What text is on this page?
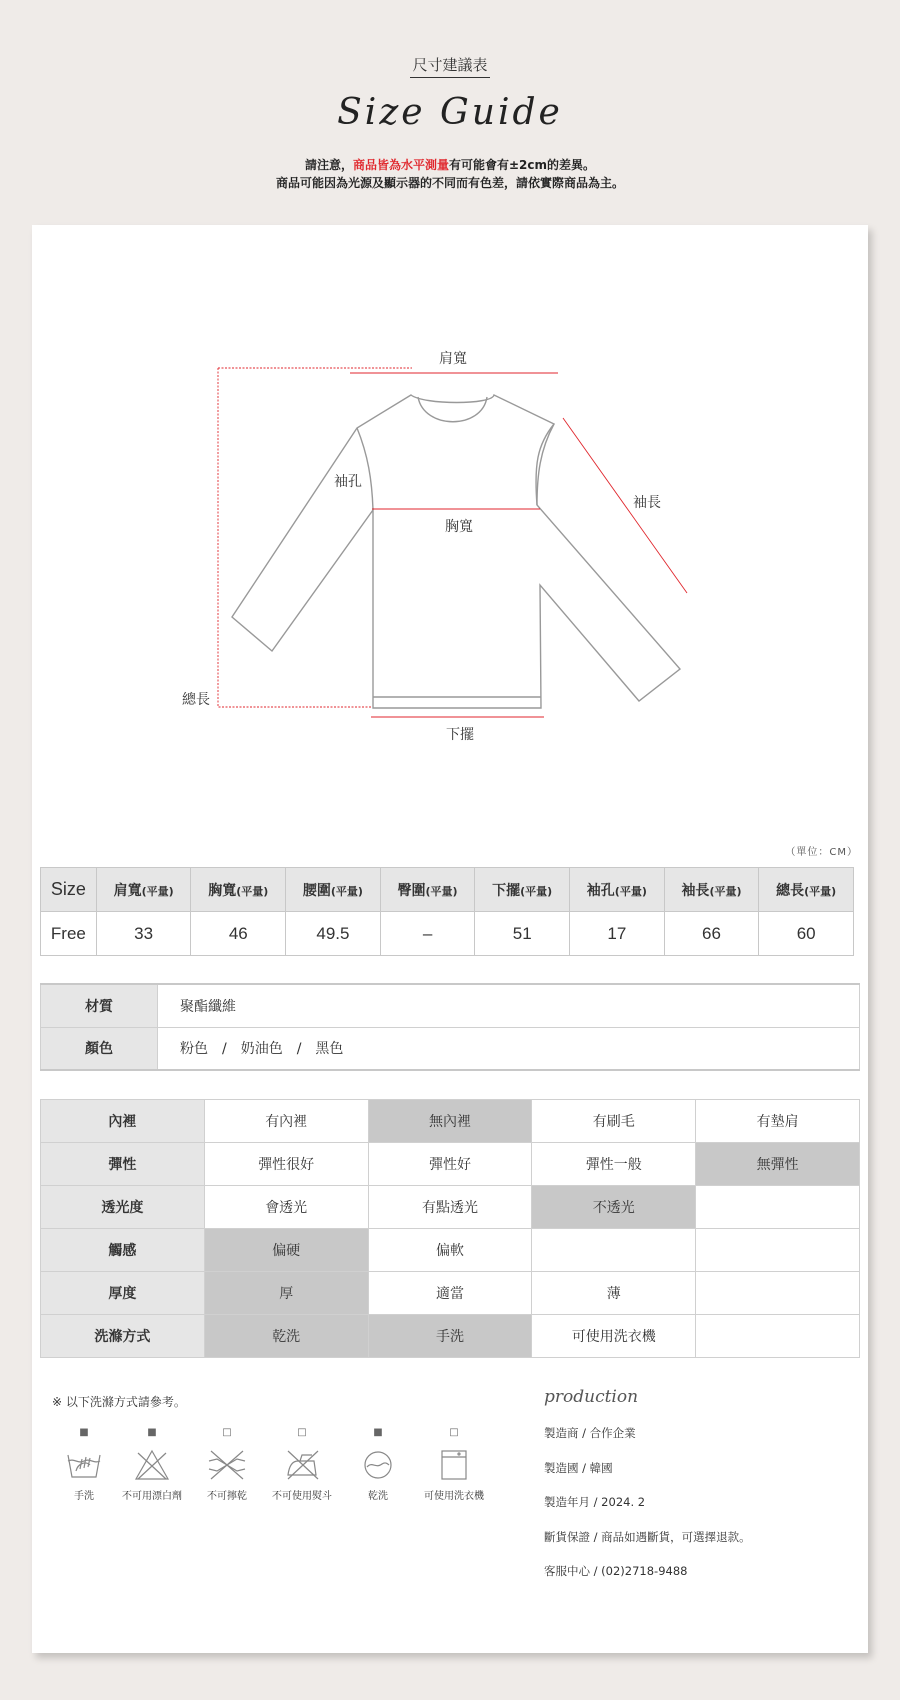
尺寸建議表
Size Guide
請注意，商品皆為水平測量有可能會有±2cm的差異。
商品可能因為光源及顯示器的不同而有色差，請依實際商品為主。
肩寬
袖孔
袖長
胸寬
總長
下擺
（單位：CM）
Size	肩寬(平量)	胸寬(平量)	腰圍(平量)	臀圍(平量)	下擺(平量)	袖孔(平量)	袖長(平量)	總長(平量)
Free	33	46	49.5	–	51	17	66	60
材質	聚酯纖維
顏色	粉色　/　奶油色　/　黑色
內裡	有內裡	無內裡	有刷毛	有墊肩
彈性	彈性很好	彈性好	彈性一般	無彈性
透光度	會透光	有點透光	不透光	
觸感	偏硬	偏軟		
厚度	厚	適當	薄	
洗滌方式	乾洗	手洗	可使用洗衣機	
※ 以下洗滌方式請參考。
■
手洗
■
不可用漂白劑
□
不可擰乾
□
不可使用熨斗
■
乾洗
□
可使用洗衣機
production
製造商 / 合作企業
製造國 / 韓國
製造年月 / 2024. 2
斷貨保證 / 商品如遇斷貨，可選擇退款。
客服中心 / (02)2718-9488
